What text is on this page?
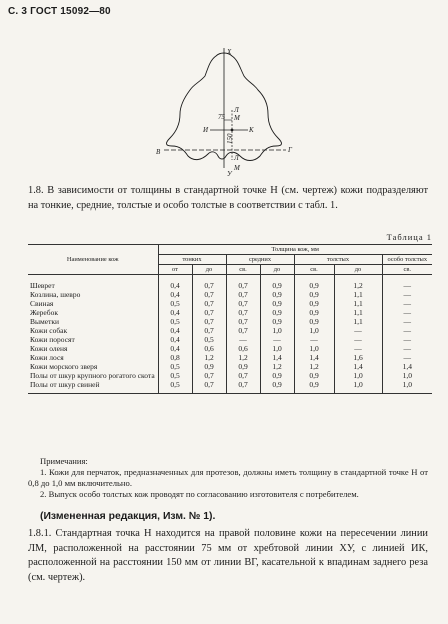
С. 3 ГОСТ 15092—80
Х
Л
75 М
И	К
150
Л
В	Г
М
У

1.8. В зависимости от толщины в стандартной точке Н (см. чертеж) кожи подразделяют на тонкие, средние, толстые и особо толстые в соответствии с табл. 1.

Таблица 1
Наименование кож	Толщина кож, мм						
	тонких		средних		толстых		особо толстых
	от	до	св.	до	св.	до	св.
Шеврет	0,4	0,7	0,7	0,9	0,9	1,2	—
Козлина, шевро	0,4	0,7	0,7	0,9	0,9	1,1	—
Свиная	0,5	0,7	0,7	0,9	0,9	1,1	—
Жеребок	0,4	0,7	0,7	0,9	0,9	1,1	—
Выметки	0,5	0,7	0,7	0,9	0,9	1,1	—
Кожи собак	0,4	0,7	0,7	1,0	1,0	—	—
Кожи поросят	0,4	0,5	—	—	—	—	—
Кожи оленя	0,4	0,6	0,6	1,0	1,0	—	—
Кожи лося	0,8	1,2	1,2	1,4	1,4	1,6	—
Кожи морского зверя	0,5	0,9	0,9	1,2	1,2	1,4	1,4
Полы от шкур крупного рогатого скота	0,5	0,7	0,7	0,9	0,9	1,0	1,0
Полы от шкур свиней	0,5	0,7	0,7	0,9	0,9	1,0	1,0
Примечания:

1. Кожи для перчаток, предназначенных для протезов, должны иметь толщину в стандартной точке Н от 0,8 до 1,0 мм включительно.

2. Выпуск особо толстых кож проводят по согласованию изготовителя с потребителем.

(Измененная редакция, Изм. № 1).

1.8.1. Стандартная точка Н находится на правой половине кожи на пересечении линии ЛМ, расположенной на расстоянии 75 мм от хребтовой линии ХУ, с линией ИК, расположенной на расстоянии 150 мм от линии ВГ, касательной к впадинам заднего реза (см. чертеж).
